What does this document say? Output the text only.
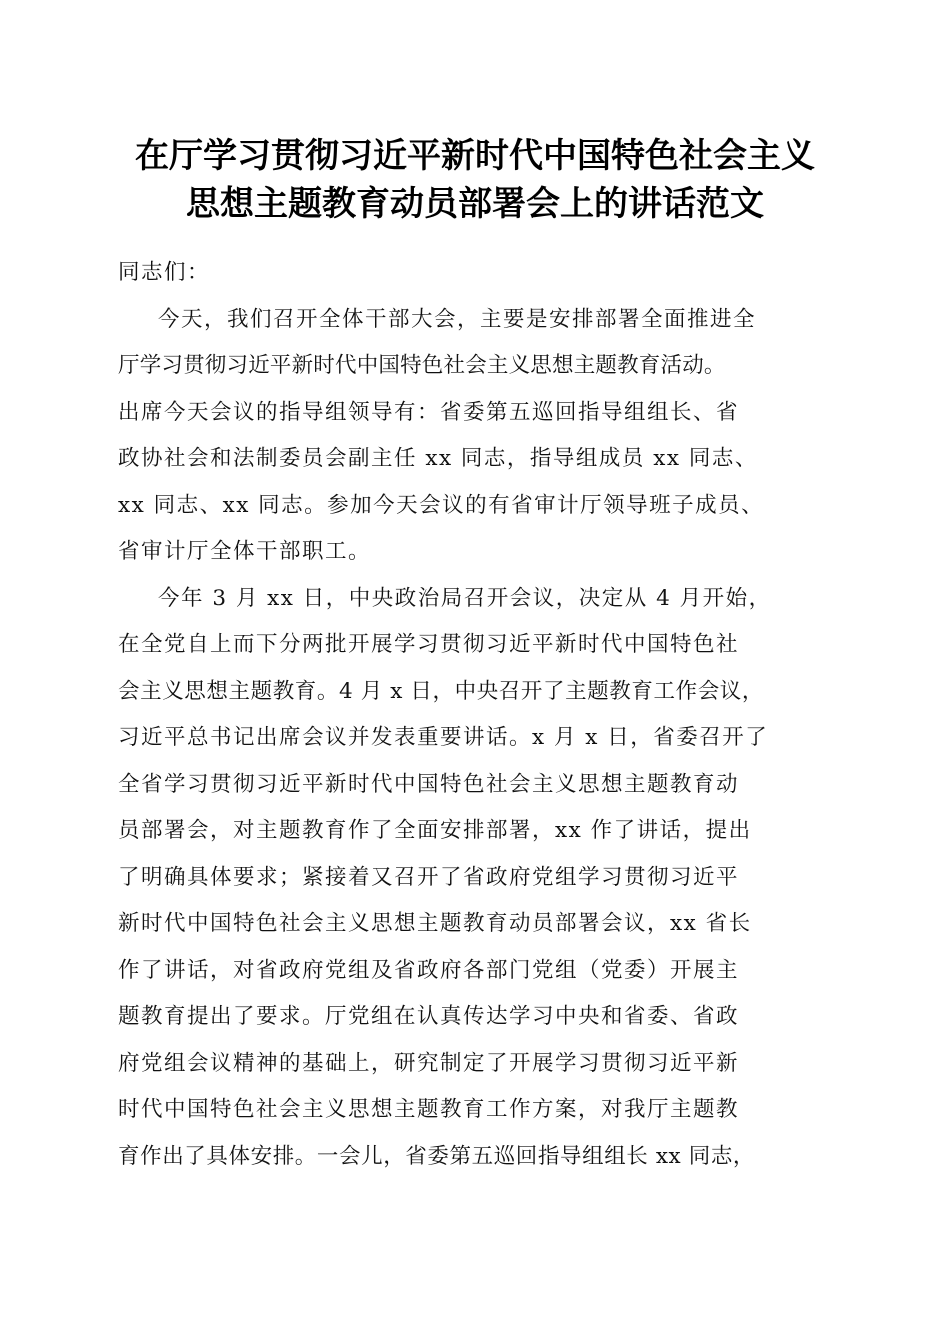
在厅学习贯彻习近平新时代中国特色社会主义
思想主题教育动员部署会上的讲话范文
同志们：
今天，我们召开全体干部大会，主要是安排部署全面推进全
厅学习贯彻习近平新时代中国特色社会主义思想主题教育活动。
出席今天会议的指导组领导有：省委第五巡回指导组组长、省
政协社会和法制委员会副主任 xx 同志，指导组成员 xx 同志、
xx 同志、xx 同志。参加今天会议的有省审计厅领导班子成员、
省审计厅全体干部职工。
今年 3 月 xx 日，中央政治局召开会议，决定从 4 月开始，
在全党自上而下分两批开展学习贯彻习近平新时代中国特色社
会主义思想主题教育。4 月 x 日，中央召开了主题教育工作会议，
习近平总书记出席会议并发表重要讲话。x 月 x 日，省委召开了
全省学习贯彻习近平新时代中国特色社会主义思想主题教育动
员部署会，对主题教育作了全面安排部署，xx 作了讲话，提出
了明确具体要求；紧接着又召开了省政府党组学习贯彻习近平
新时代中国特色社会主义思想主题教育动员部署会议，xx 省长
作了讲话，对省政府党组及省政府各部门党组（党委）开展主
题教育提出了要求。厅党组在认真传达学习中央和省委、省政
府党组会议精神的基础上，研究制定了开展学习贯彻习近平新
时代中国特色社会主义思想主题教育工作方案，对我厅主题教
育作出了具体安排。一会儿，省委第五巡回指导组组长 xx 同志，
